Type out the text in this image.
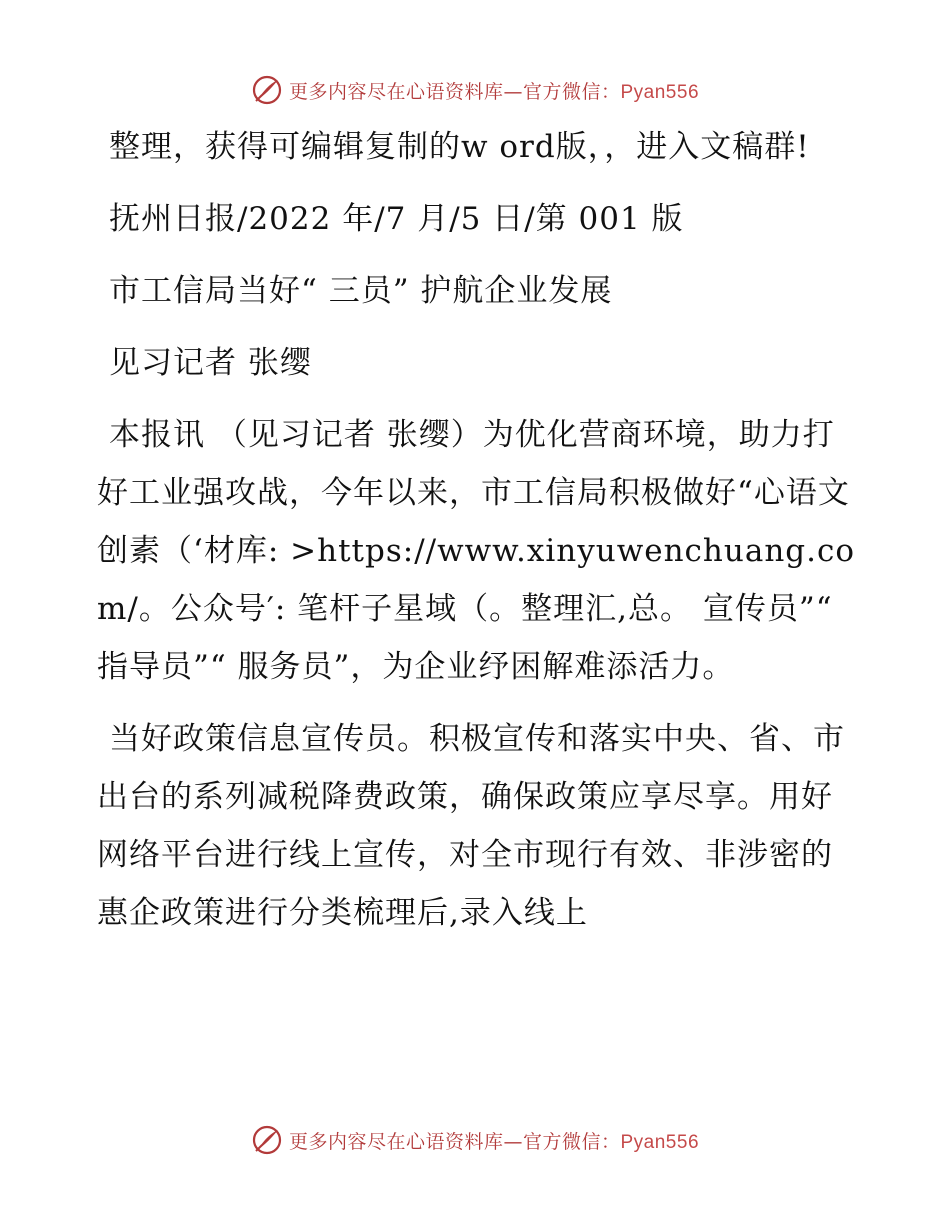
更多内容尽在心语资料库—官方微信：Pyan556

整理，获得可编辑复制的w ord版，，进入文稿群!

抚州日报/2022 年/7 月/5 日/第 001 版

市工信局当好“ 三员” 护航企业发展

见习记者 张缨

本报讯 （见习记者 张缨）为优化营商环境，助力打好工业强攻战，今年以来，市工信局积极做好“心语文创素（‘材库: >https://www.xinyuwenchuang.com/。公众号′: 笔杆子星域（。整理汇,总。 宣传员”“ 指导员”“ 服务员”，为企业纾困解难添活力。

当好政策信息宣传员。积极宣传和落实中央、省、市出台的系列减税降费政策，确保政策应享尽享。用好网络平台进行线上宣传，对全市现行有效、非涉密的惠企政策进行分类梳理后,录入线上

更多内容尽在心语资料库—官方微信：Pyan556
